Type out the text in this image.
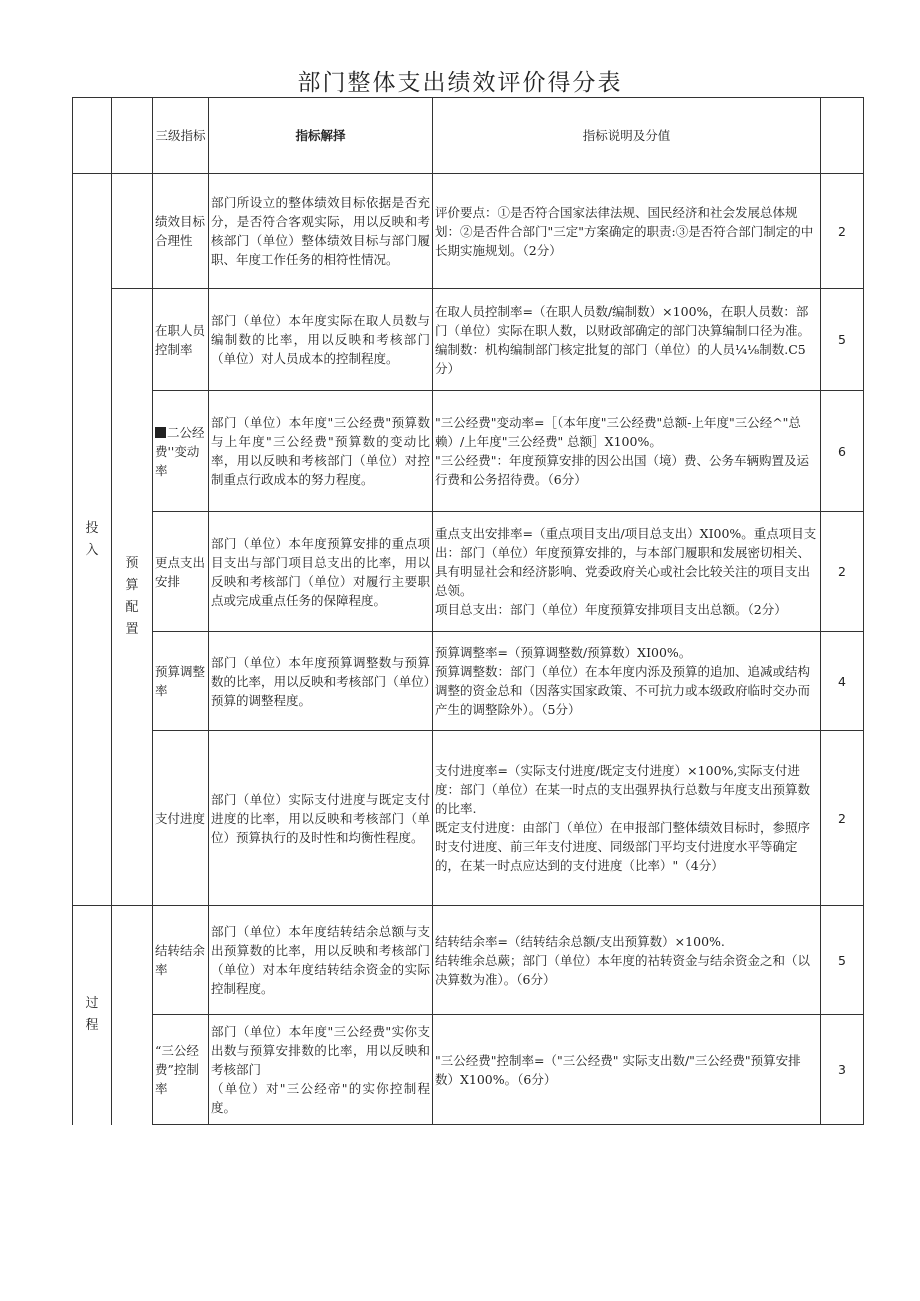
部门整体支出绩效评价得分表
		三级指标	指标解择	指标说明及分值	
投入		绩效目标合理性	部门所设立的整体绩效目标依据是否充分，是否符合客观实际，用以反映和考核部门（单位）整体绩效目标与部门履职、年度工作任务的相符性情况。	评价要点：①是否符合国家法律法规、国民经济和社会发展总体规划：②是否件合部门"三定"方案确定的职责:③是否符合部门制定的中长期实施规划。（2分）	2
	预算配置	在职人员控制率	部门（单位）本年度实际在取人员数与编制数的比率，用以反映和考核部门（单位）对人员成本的控制程度。	在取人员控制率=（在职人员数/编制数）×100%，在职人员数：部门（单位）实际在职人数，以财政部确定的部门决算编制口径为准。编制数：机构编制部门核定批复的部门（单位）的人员¼⅛制数.C5分）	5
		二公经费''变动率	部门（单位）本年度"三公经费"预算数与上年度"三公经费"预算数的变动比率，用以反映和考核部门（单位）对控制重点行政成本的努力程度。	"三公经费"变动率=［（本年度"三公经费"总额-上年度"三公经^"总赖）/上年度"三公经费" 总额］X100%。
"三公经费"：年度预算安排的因公出国（境）费、公务车辆购置及运行费和公务招待费。（6分）	6
		更点支出安排	部门（单位）本年度预算安排的重点项目支出与部门项目总支出的比率，用以反映和考核部门（单位）对履行主要职点或完成重点任务的保障程度。	重点支出安排率=（重点项目支出/项目总支出）XI00%。重点项目支出：部门（单位）年度预算安排的，与本部门履职和发展密切相关、具有明显社会和经济影响、党委政府关心或社会比较关注的项目支出总领。
项目总支出：部门（单位）年度预算安排项目支出总额。（2分）	2
		预算调整率	部门（单位）本年度预算调整数与预算数的比率，用以反映和考核部门（单位）预算的调整程度。	预算调整率=（预算调整数/预算数）XI00%。
预算调整数：部门（单位）在本年度内泺及预算的追加、追减或结构调整的资金总和（因落实国家政策、不可抗力或本级政府临时交办而产生的调整除外）。（5分）	4
		支付进度	部门（单位）实际支付进度与既定支付进度的比率，用以反映和考核部门（单位）预算执行的及时性和均衡性程度。	支付进度率=（实际支付进度/既定支付进度）×100%,实际支付进度：部门（单位）在某一时点的支出强界执行总数与年度支出预算数的比率.
既定支付进度：由部门（单位）在申报部门整体绩效目标时，参照序时支付进度、前三年支付进度、同级部门平均支付进度水平等确定的，在某一时点应达到的支付进度（比率）"（4分）	2
过程		结转结余率	部门（单位）本年度结转结余总额与支出预算数的比率，用以反映和考核部门（单位）对本年度结转结余资金的实际控制程度。	结转结余率=（结转结余总额/支出预算数）×100%.
结转维余总蕨；部门（单位）本年度的祜转资金与结余资金之和（以决算数为准）。（6分）	5
		“三公经费”控制率	部门（单位）本年度"三公经费"实你支出数与预算安排数的比率，用以反映和考核部门
（单位）对"三公经帝"的实你控制程度。	"三公经费"控制率=（"三公经费" 实际支出数/"三公经费"预算安排数）X100%。（6分）	3
